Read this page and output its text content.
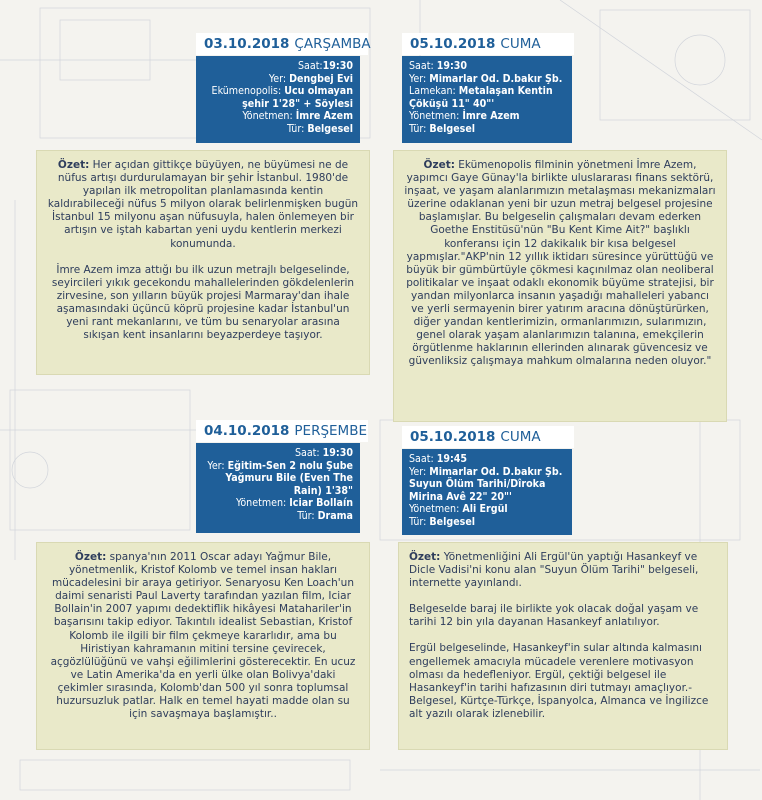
03.10.2018 ÇARŞAMBA
Saat:19:30
Yer: Dengbej Evi
Ekümenopolis: Ucu olmayan şehir 1'28" + Söylesi
Yönetmen: İmre Azem
Tür: Belgesel

Özet: Her açıdan gittikçe büyüyen, ne büyümesi ne de nüfus artışı durdurulamayan bir şehir İstanbul. 1980'de yapılan ilk metropolitan planlamasında kentin kaldırabileceği nüfus 5 milyon olarak belirlenmişken bugün İstanbul 15 milyonu aşan nüfusuyla, halen önlemeyen bir artışın ve iştah kabartan yeni uydu kentlerin merkezi konumunda.

İmre Azem imza attığı bu ilk uzun metrajlı belgeselinde, seyircileri yıkık gecekondu mahallelerinden gökdelenlerin zirvesine, son yılların büyük projesi Marmaray'dan ihale aşamasındaki üçüncü köprü projesine kadar İstanbul'un yeni rant mekanlarını, ve tüm bu senaryolar arasına sıkışan kent insanlarını beyazperdeye taşıyor.

05.10.2018 CUMA
Saat: 19:30
Yer: Mimarlar Od. D.bakır Şb.
Lamekan: Metalaşan Kentin Çöküşü 11" 40"'
Yönetmen: İmre Azem
Tür: Belgesel

Özet: Ekümenopolis filminin yönetmeni İmre Azem, yapımcı Gaye Günay'la birlikte uluslararası finans sektörü, inşaat, ve yaşam alanlarımızın metalaşması mekanizmaları üzerine odaklanan yeni bir uzun metraj belgesel projesine başlamışlar. Bu belgeselin çalışmaları devam ederken Goethe Enstitüsü'nün "Bu Kent Kime Ait?" başlıklı konferansı için 12 dakikalık bir kısa belgesel yapmışlar."AKP'nin 12 yıllık iktidarı süresince yürüttüğü ve büyük bir gümbürtüyle çökmesi kaçınılmaz olan neoliberal politikalar ve inşaat odaklı ekonomik büyüme stratejisi, bir yandan milyonlarca insanın yaşadığı mahalleleri yabancı ve yerli sermayenin birer yatırım aracına dönüştürürken, diğer yandan kentlerimizin, ormanlarımızın, sularımızın, genel olarak yaşam alanlarımızın talanına, emekçilerin örgütlenme haklarının ellerinden alınarak güvencesiz ve güvenliksiz çalışmaya mahkum olmalarına neden oluyor."

04.10.2018 PERŞEMBE
Saat: 19:30
Yer: Eğitim-Sen 2 nolu Şube
Yağmuru Bile (Even The Rain) 1'38"
Yönetmen: Iciar Bollaín
Tür: Drama

Özet: spanya'nın 2011 Oscar adayı Yağmur Bile, yönetmenlik, Kristof Kolomb ve temel insan hakları mücadelesini bir araya getiriyor. Senaryosu Ken Loach'un daimi senaristi Paul Laverty tarafından yazılan film, Iciar Bollain'in 2007 yapımı dedektiflik hikâyesi Matahariler'in başarısını takip ediyor. Takıntılı idealist Sebastian, Kristof Kolomb ile ilgili bir film çekmeye kararlıdır, ama bu Hiristiyan kahramanın mitini tersine çevirecek, açgözlülüğünü ve vahşi eğilimlerini gösterecektir. En ucuz ve Latin Amerika'da en yerli ülke olan Bolivya'daki çekimler sırasında, Kolomb'dan 500 yıl sonra toplumsal huzursuzluk patlar. Halk en temel hayati madde olan su için savaşmaya başlamıştır..

05.10.2018 CUMA
Saat: 19:45
Yer: Mimarlar Od. D.bakır Şb.
Suyun Ölüm Tarihi/Dîroka Mirina Avê 22" 20"'
Yönetmen: Ali Ergül
Tür: Belgesel

Özet: Yönetmenliğini Ali Ergül'ün yaptığı Hasankeyf ve Dicle Vadisi'ni konu alan "Suyun Ölüm Tarihi" belgeseli, internette yayınlandı.

Belgeselde baraj ile birlikte yok olacak doğal yaşam ve tarihi 12 bin yıla dayanan Hasankeyf anlatılıyor.

Ergül belgeselinde, Hasankeyf'in sular altında kalmasını engellemek amacıyla mücadele verenlere motivasyon olması da hedefleniyor. Ergül, çektiği belgesel ile Hasankeyf'in tarihi hafızasının diri tutmayı amaçlıyor.- Belgesel, Kürtçe-Türkçe, İspanyolca, Almanca ve İngilizce alt yazılı olarak izlenebilir.
